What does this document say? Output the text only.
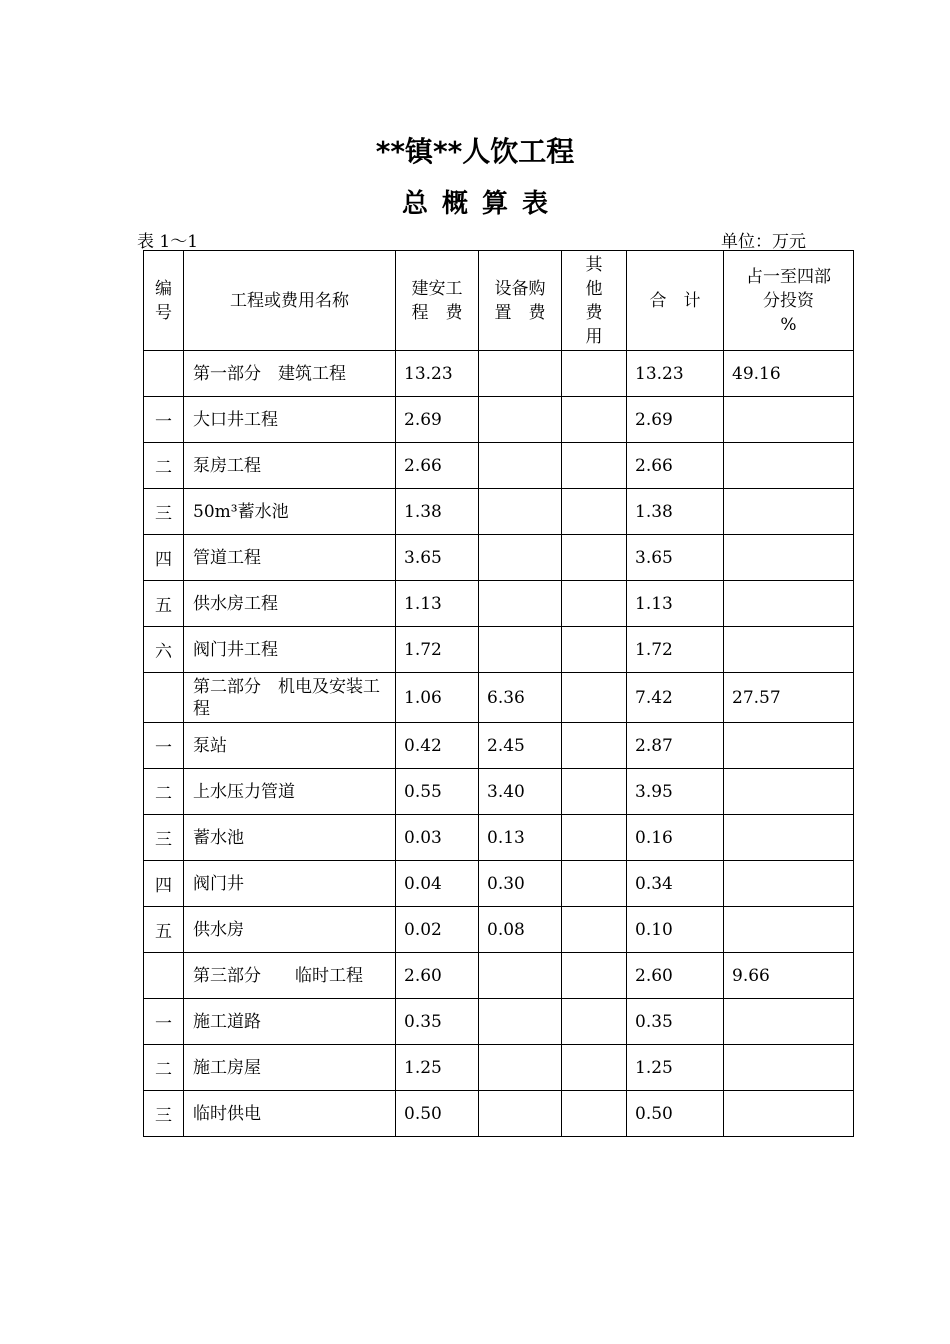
**镇**人饮工程
总概算表
表 1～1	单位：万元
编号	工程或费用名称	建安工程　费	设备购置　费	其他费用	合　计	占一至四部分投资　　%
	第一部分　建筑工程	13.23			13.23	49.16
一	大口井工程	2.69			2.69	
二	泵房工程	2.66			2.66	
三	50m³蓄水池	1.38			1.38	
四	管道工程	3.65			3.65	
五	供水房工程	1.13			1.13	
六	阀门井工程	1.72			1.72	
	第二部分　机电及安装工程	1.06	6.36		7.42	27.57
一	泵站	0.42	2.45		2.87	
二	上水压力管道	0.55	3.40		3.95	
三	蓄水池	0.03	0.13		0.16	
四	阀门井	0.04	0.30		0.34	
五	供水房	0.02	0.08		0.10	
	第三部分　　临时工程	2.60			2.60	9.66
一	施工道路	0.35			0.35	
二	施工房屋	1.25			1.25	
三	临时供电	0.50			0.50	
